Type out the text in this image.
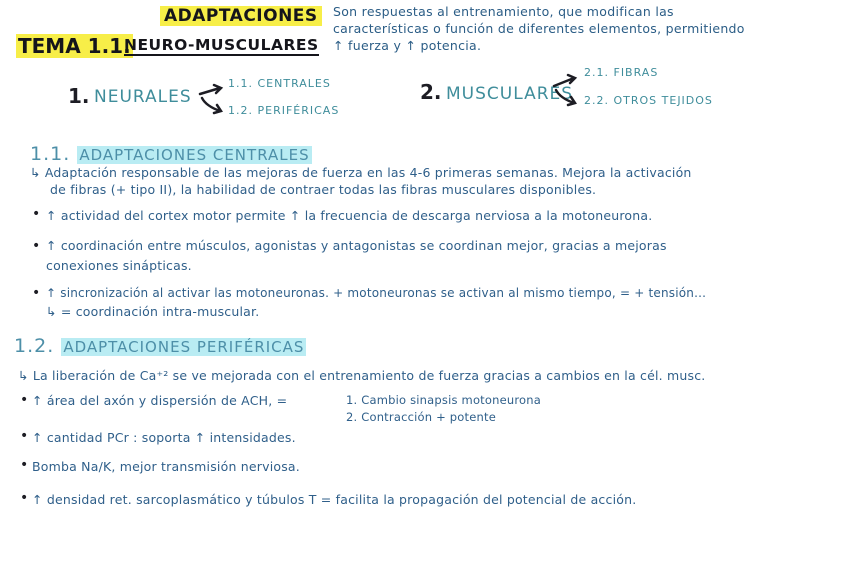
ADAPTACIONES
TEMA 1.1.
NEURO-MUSCULARES
Son respuestas al entrenamiento, que modifican las
características o función de diferentes elementos, permitiendo
↑ fuerza y ↑ potencia.
1. NEURALES
1.1. CENTRALES
1.2. PERIFÉRICAS
2. MUSCULARES
2.1. FIBRAS
2.2. OTROS TEJIDOS
1.1. ADAPTACIONES CENTRALES
↳ Adaptación responsable de las mejoras de fuerza en las 4-6 primeras semanas. Mejora la activación
de fibras (+ tipo II), la habilidad de contraer todas las fibras musculares disponibles.
• ↑ actividad del cortex motor permite ↑ la frecuencia de descarga nerviosa a la motoneurona.
• ↑ coordinación entre músculos, agonistas y antagonistas se coordinan mejor, gracias a mejoras
conexiones sinápticas.
• ↑ sincronización al activar las motoneuronas. + motoneuronas se activan al mismo tiempo, = + tensión...
↳ = coordinación intra-muscular.
1.2. ADAPTACIONES PERIFÉRICAS
↳ La liberación de Ca⁺² se ve mejorada con el entrenamiento de fuerza gracias a cambios en la cél. musc.
• ↑ área del axón y dispersión de ACH, =	1. Cambio sinapsis motoneurona
2. Contracción + potente
• ↑ cantidad PCr : soporta ↑ intensidades.
• Bomba Na/K, mejor transmisión nerviosa.
• ↑ densidad ret. sarcoplasmático y túbulos T = facilita la propagación del potencial de acción.
